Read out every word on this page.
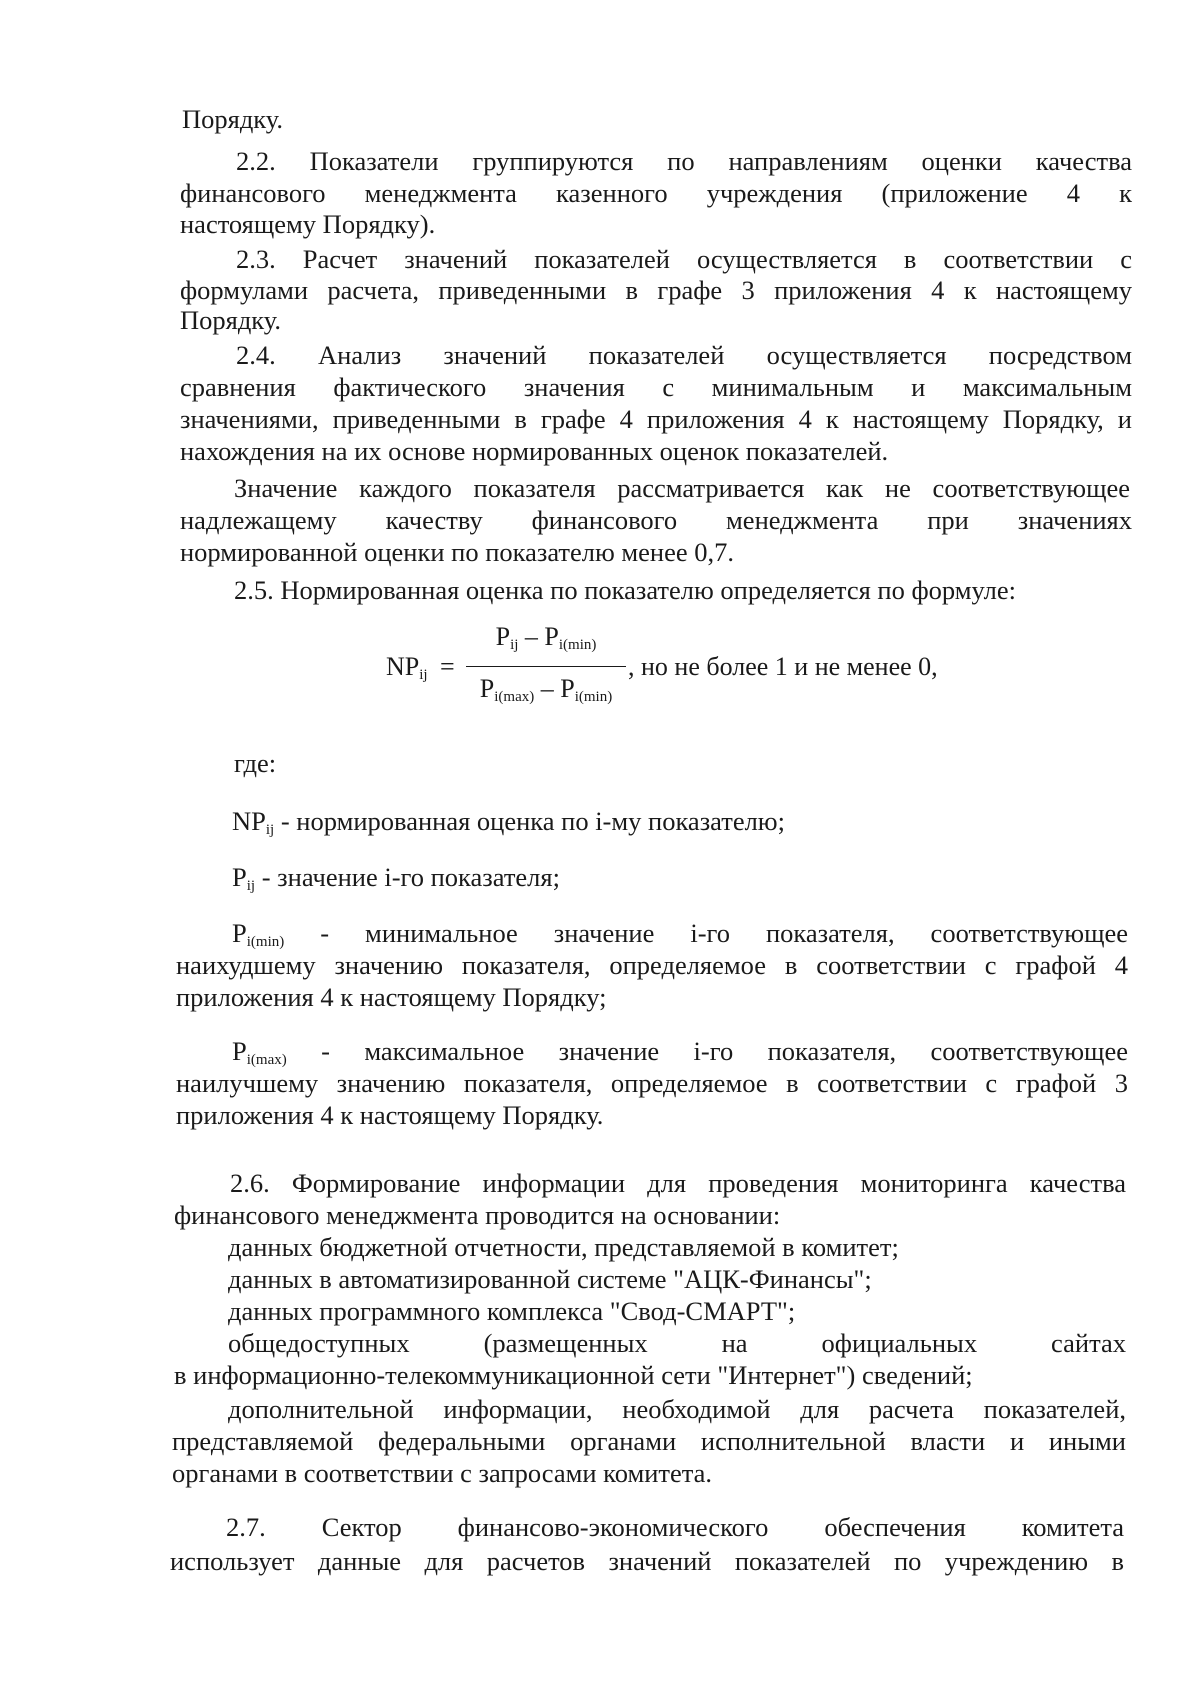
Порядку.
2.2. Показатели группируются по направлениям оценки качества
финансового менеджмента казенного учреждения (приложение 4 к
настоящему Порядку).
2.3. Расчет значений показателей осуществляется в соответствии с
формулами расчета, приведенными в графе 3 приложения 4 к настоящему
Порядку.
2.4. Анализ значений показателей осуществляется посредством
сравнения фактического значения с минимальным и максимальным
значениями, приведенными в графе 4 приложения 4 к настоящему Порядку, и
нахождения на их основе нормированных оценок показателей.
Значение каждого показателя рассматривается как не соответствующее
надлежащему качеству финансового менеджмента при значениях
нормированной оценки по показателю менее 0,7.
2.5. Нормированная оценка по показателю определяется по формуле:
$NP_{ij}$ =
$P_{ij} - P_{i(min)}$
$P_{i(max)} - P_{i(min)}$
, но не более 1 и не менее 0,
где:
$NP_{ij}$ - нормированная оценка по i-му показателю;
$P_{ij}$ - значение i-го показателя;
$P_{i(min)}$ - минимальное значение i-го показателя, соответствующее
наихудшему значению показателя, определяемое в соответствии с графой 4
приложения 4 к настоящему Порядку;
$P_{i(max)}$ - максимальное значение i-го показателя, соответствующее
наилучшему значению показателя, определяемое в соответствии с графой 3
приложения 4 к настоящему Порядку.
2.6. Формирование информации для проведения мониторинга качества
финансового менеджмента проводится на основании:
данных бюджетной отчетности, представляемой в комитет;
данных в автоматизированной системе "АЦК-Финансы";
данных программного комплекса "Свод-СМАРТ";
общедоступных (размещенных на официальных сайтах
в информационно-телекоммуникационной сети "Интернет") сведений;
дополнительной информации, необходимой для расчета показателей,
представляемой федеральными органами исполнительной власти и иными
органами в соответствии с запросами комитета.
2.7. Сектор финансово-экономического обеспечения комитета
использует данные для расчетов значений показателей по учреждению в
